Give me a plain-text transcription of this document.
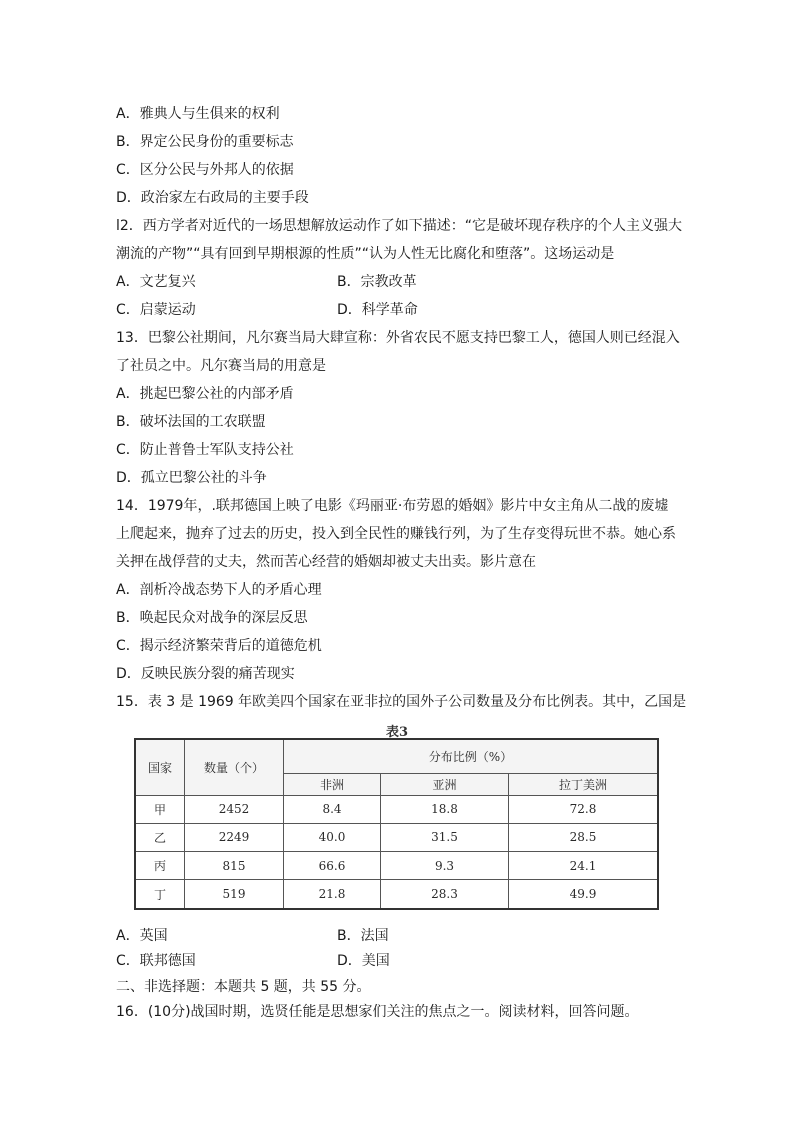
A．雅典人与生俱来的权利
B．界定公民身份的重要标志
C．区分公民与外邦人的依据
D．政治家左右政局的主要手段
l2．西方学者对近代的一场思想解放运动作了如下描述：“它是破坏现存秩序的个人主义强大
潮流的产物”“具有回到早期根源的性质”“认为人性无比腐化和堕落”。这场运动是
A．文艺复兴	B．宗教改革
C．启蒙运动	D．科学革命
13．巴黎公社期间，凡尔赛当局大肆宣称：外省农民不愿支持巴黎工人，德国人则已经混入
了社员之中。凡尔赛当局的用意是
A．挑起巴黎公社的内部矛盾
B．破坏法国的工农联盟
C．防止普鲁士军队支持公社
D．孤立巴黎公社的斗争
14．1979年，.联邦德国上映了电影《玛丽亚·布劳恩的婚姻》影片中女主角从二战的废墟
上爬起来，抛弃了过去的历史，投入到全民性的赚钱行列，为了生存变得玩世不恭。她心系
关押在战俘营的丈夫，然而苦心经营的婚姻却被丈夫出卖。影片意在
A．剖析冷战态势下人的矛盾心理
B．唤起民众对战争的深层反思
C．揭示经济繁荣背后的道德危机
D．反映民族分裂的痛苦现实
15．表 3 是 1969 年欧美四个国家在亚非拉的国外子公司数量及分布比例表。其中，乙国是
表3
国家	数量（个）	分布比例（%）		
		非洲	亚洲	拉丁美洲
甲	2452	8.4	18.8	72.8
乙	2249	40.0	31.5	28.5
丙	815	66.6	9.3	24.1
丁	519	21.8	28.3	49.9
A．英国	B．法国
C．联邦德国	D．美国
二、非选择题：本题共 5 题，共 55 分。
16．(10分)战国时期，选贤任能是思想家们关注的焦点之一。阅读材料，回答问题。
